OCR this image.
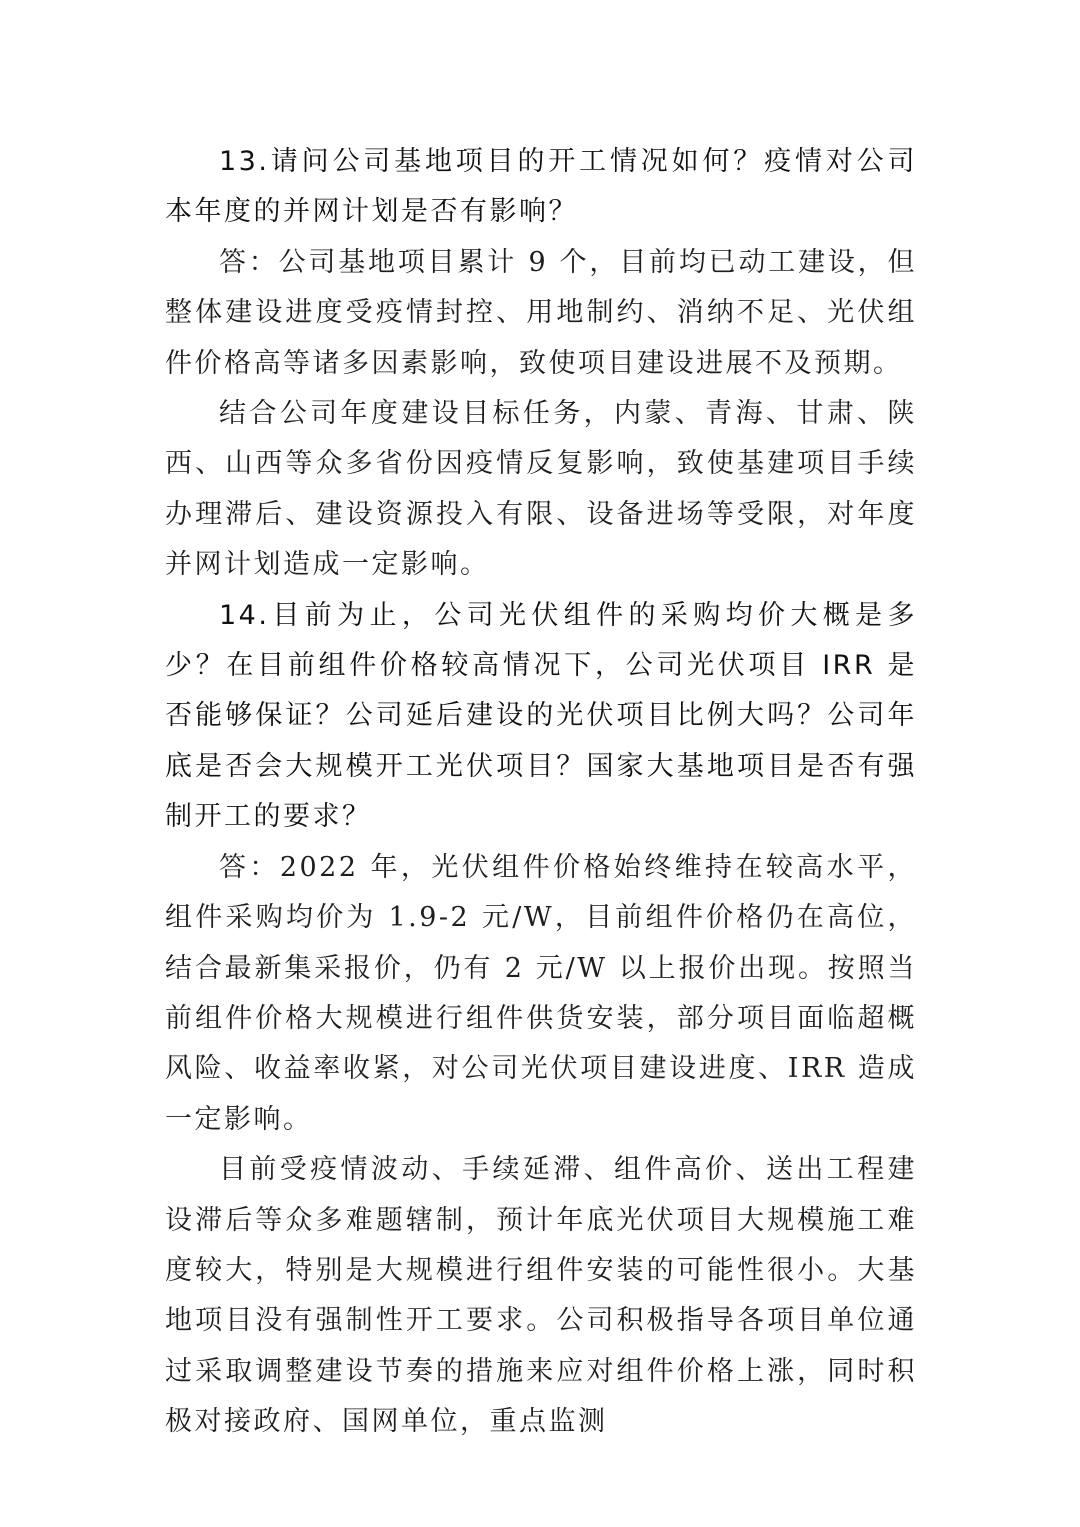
13.请问公司基地项目的开工情况如何？疫情对公司本年度的并网计划是否有影响？

答：公司基地项目累计 9 个，目前均已动工建设，但整体建设进度受疫情封控、用地制约、消纳不足、光伏组件价格高等诸多因素影响，致使项目建设进展不及预期。

结合公司年度建设目标任务，内蒙、青海、甘肃、陕西、山西等众多省份因疫情反复影响，致使基建项目手续办理滞后、建设资源投入有限、设备进场等受限，对年度并网计划造成一定影响。

14.目前为止，公司光伏组件的采购均价大概是多少？在目前组件价格较高情况下，公司光伏项目 IRR 是否能够保证？公司延后建设的光伏项目比例大吗？公司年底是否会大规模开工光伏项目？国家大基地项目是否有强制开工的要求？

答：2022 年，光伏组件价格始终维持在较高水平，组件采购均价为 1.9-2 元/W，目前组件价格仍在高位，结合最新集采报价，仍有 2 元/W 以上报价出现。按照当前组件价格大规模进行组件供货安装，部分项目面临超概风险、收益率收紧，对公司光伏项目建设进度、IRR 造成一定影响。

目前受疫情波动、手续延滞、组件高价、送出工程建设滞后等众多难题辖制，预计年底光伏项目大规模施工难度较大，特别是大规模进行组件安装的可能性很小。大基地项目没有强制性开工要求。公司积极指导各项目单位通过采取调整建设节奏的措施来应对组件价格上涨，同时积极对接政府、国网单位，重点监测
